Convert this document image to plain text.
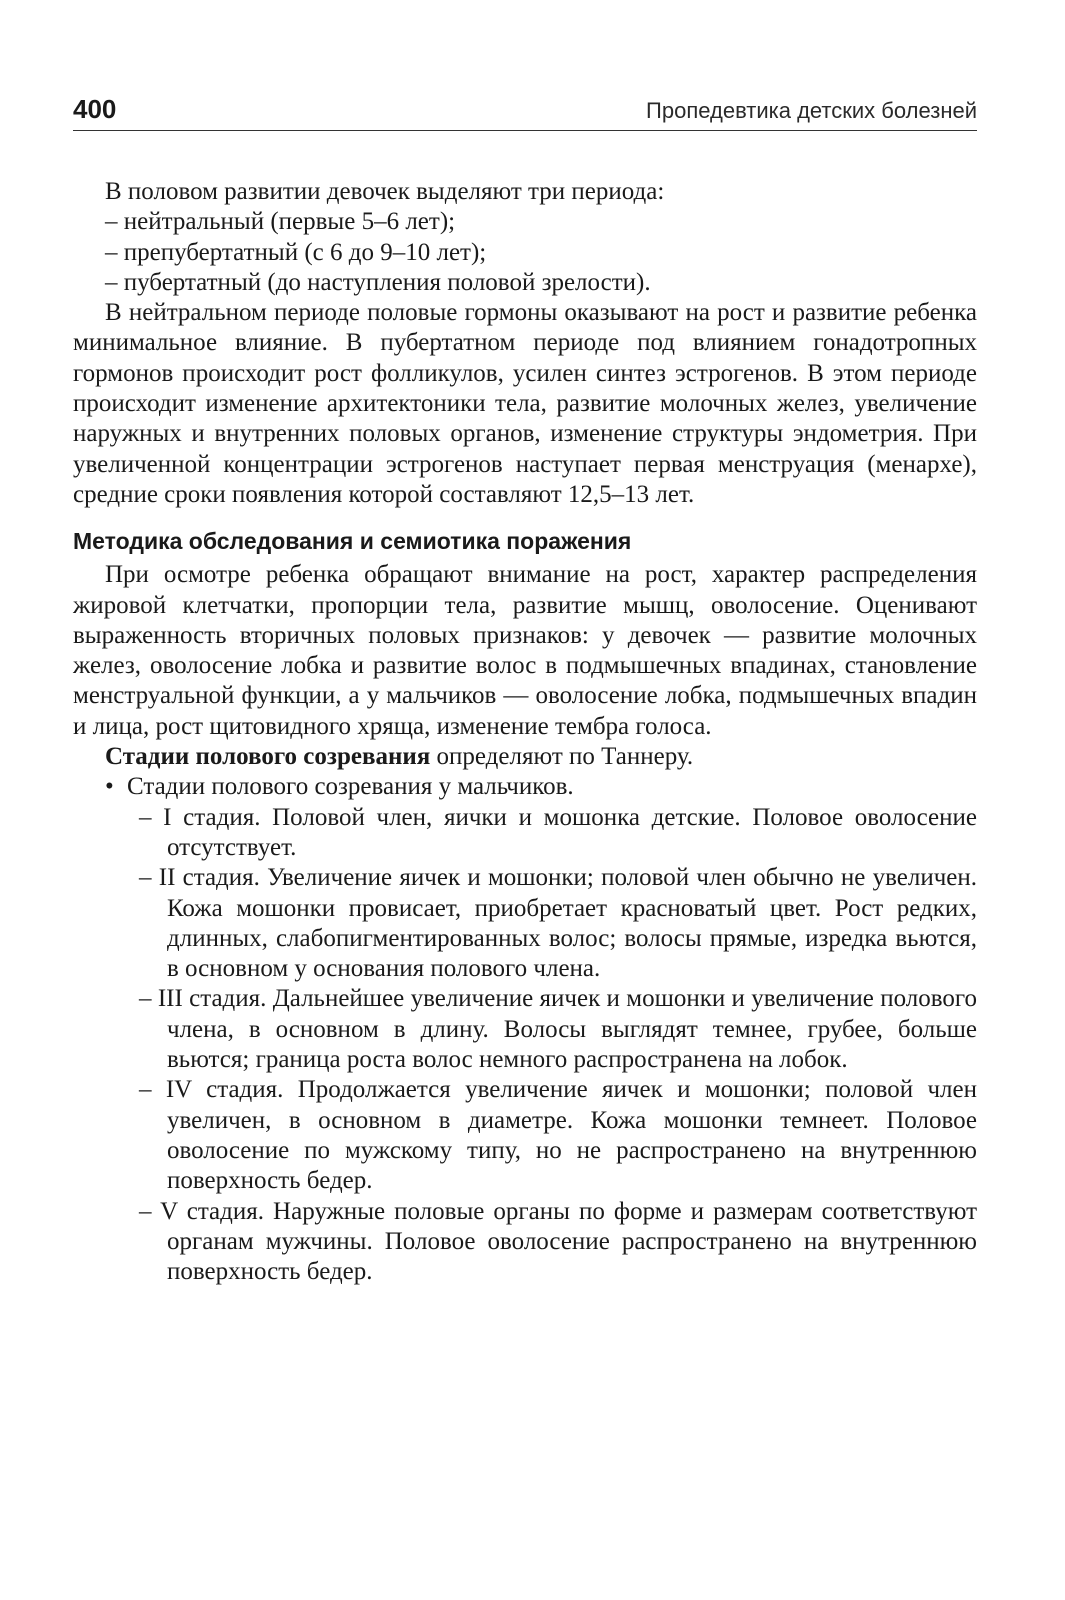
400	Пропедевтика детских болезней

В половом развитии девочек выделяют три периода:

– нейтральный (первые 5–6 лет);

– препубертатный (с 6 до 9–10 лет);

– пубертатный (до наступления половой зрелости).

В нейтральном периоде половые гормоны оказывают на рост и развитие ребенка минимальное влияние. В пубертатном периоде под влиянием гонадотропных гормонов происходит рост фолликулов, усилен синтез эстрогенов. В этом периоде происходит изменение архитектоники тела, развитие молочных желез, увеличение наружных и внутренних половых органов, изменение структуры эндометрия. При увеличенной концентрации эстрогенов наступает первая менструация (менархе), средние сроки появления которой составляют 12,5–13 лет.

Методика обследования и семиотика поражения

При осмотре ребенка обращают внимание на рост, характер распределения жировой клетчатки, пропорции тела, развитие мышц, оволосение. Оценивают выраженность вторичных половых признаков: у девочек — развитие молочных желез, оволосение лобка и развитие волос в подмышечных впадинах, становление менструальной функции, а у мальчиков — оволосение лобка, подмышечных впадин и лица, рост щитовидного хряща, изменение тембра голоса.

Стадии полового созревания определяют по Таннеру.

• Стадии полового созревания у мальчиков.

– I стадия. Половой член, яички и мошонка детские. Половое оволосение отсутствует.

– II стадия. Увеличение яичек и мошонки; половой член обычно не увеличен. Кожа мошонки провисает, приобретает красноватый цвет. Рост редких, длинных, слабопигментированных волос; волосы прямые, изредка вьются, в основном у основания полового члена.

– III стадия. Дальнейшее увеличение яичек и мошонки и увеличение полового члена, в основном в длину. Волосы выглядят темнее, грубее, больше вьются; граница роста волос немного распространена на лобок.

– IV стадия. Продолжается увеличение яичек и мошонки; половой член увеличен, в основном в диаметре. Кожа мошонки темнеет. Половое оволосение по мужскому типу, но не распространено на внутреннюю поверхность бедер.

– V стадия. Наружные половые органы по форме и размерам соответствуют органам мужчины. Половое оволосение распространено на внутреннюю поверхность бедер.
